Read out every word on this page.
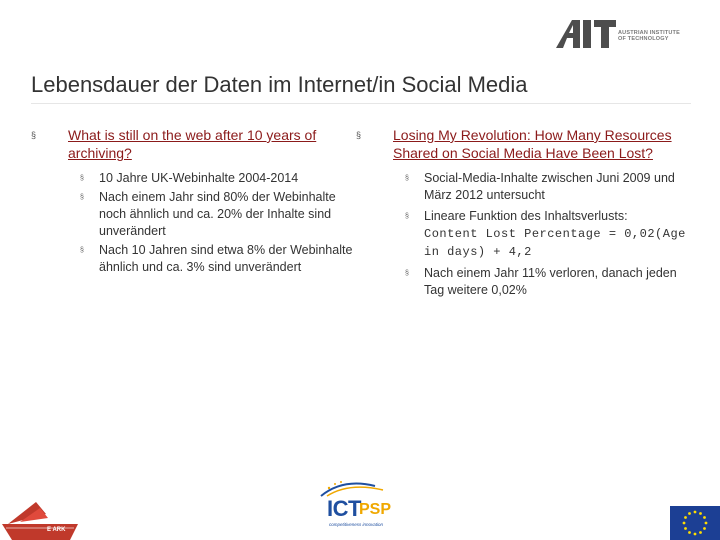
AUSTRIAN INSTITUTE OF TECHNOLOGY
Lebensdauer der Daten im Internet/in Social Media
§ What is still on the web after 10 years of archiving?
§ 10 Jahre UK-Webinhalte 2004-2014
§ Nach einem Jahr sind 80% der Webinhalte noch ähnlich und ca. 20% der Inhalte sind unverändert
§ Nach 10 Jahren sind etwa 8% der Webinhalte ähnlich und ca. 3% sind unverändert
§ Losing My Revolution: How Many Resources Shared on Social Media Have Been Lost?
§ Social-Media-Inhalte zwischen Juni 2009 und März 2012 untersucht
§ Lineare Funktion des Inhaltsverlusts:
Content Lost Percentage = 0,02(Age in days) + 4,2
§ Nach einem Jahr 11% verloren, danach jeden Tag weitere 0,02%
E ARK
ICT
PSP
competitiveness innovation
